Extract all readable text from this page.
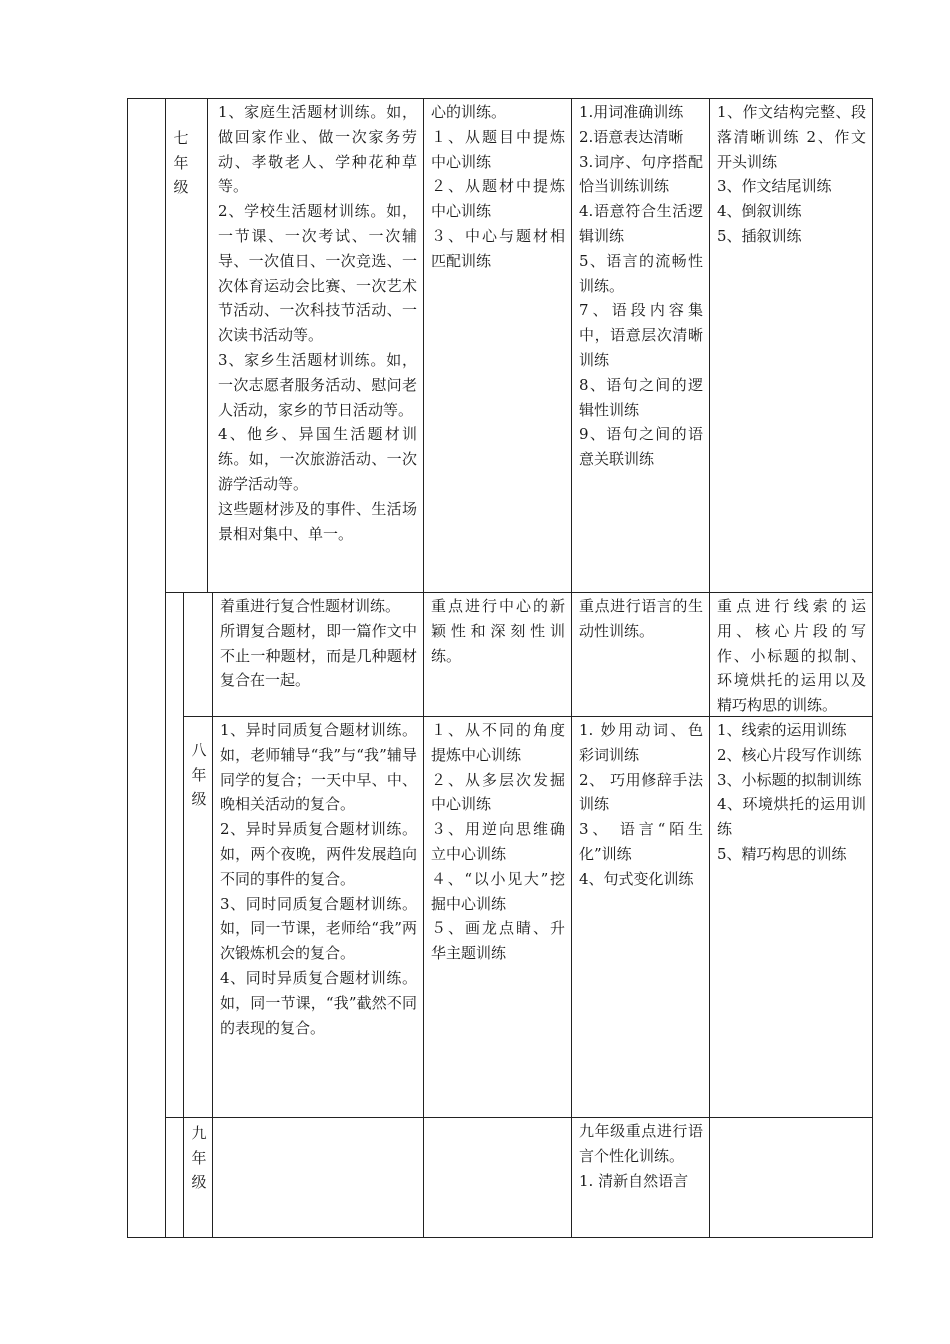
七
年
级

1、家庭生活题材训练。如，做回家作业、做一次家务劳动、孝敬老人、学种花种草等。

2、学校生活题材训练。如，一节课、一次考试、一次辅导、一次值日、一次竞选、一次体育运动会比赛、一次艺术节活动、一次科技节活动、一次读书活动等。

3、家乡生活题材训练。如，一次志愿者服务活动、慰问老人活动，家乡的节日活动等。

4、他乡、异国生活题材训练。如，一次旅游活动、一次游学活动等。

这些题材涉及的事件、生活场景相对集中、单一。

心的训练。

１、从题目中提炼中心训练

２、从题材中提炼中心训练

３、中心与题材相匹配训练

1.用词准确训练

2.语意表达清晰

3.词序、句序搭配恰当训练训练

4.语意符合生活逻辑训练

5、语言的流畅性训练。

7、语段内容集中，语意层次清晰训练

8、语句之间的逻辑性训练

9、语句之间的语意关联训练

1、作文结构完整、段落清晰训练 2、作文开头训练

3、作文结尾训练

4、倒叙训练

5、插叙训练

着重进行复合性题材训练。

所谓复合题材，即一篇作文中不止一种题材，而是几种题材复合在一起。

重点进行中心的新颖性和深刻性训练。

重点进行语言的生动性训练。

重点进行线索的运用、核心片段的写作、小标题的拟制、环境烘托的运用以及精巧构思的训练。

八
年
级

1、异时同质复合题材训练。如，老师辅导“我”与“我”辅导同学的复合；一天中早、中、晚相关活动的复合。

2、异时异质复合题材训练。如，两个夜晚，两件发展趋向不同的事件的复合。

3、同时同质复合题材训练。如，同一节课，老师给“我”两次锻炼机会的复合。

4、同时异质复合题材训练。如，同一节课，“我”截然不同的表现的复合。

１、从不同的角度提炼中心训练

２、从多层次发掘中心训练

３、用逆向思维确立中心训练

４、“以小见大”挖掘中心训练

５、画龙点睛、升华主题训练

1. 妙用动词、色彩词训练

2、 巧用修辞手法训练

3、 语言“陌生化”训练

4、句式变化训练

1、线索的运用训练

2、核心片段写作训练

3、小标题的拟制训练

4、环境烘托的运用训练

5、精巧构思的训练

九
年
级

九年级重点进行语言个性化训练。

1. 清新自然语言
